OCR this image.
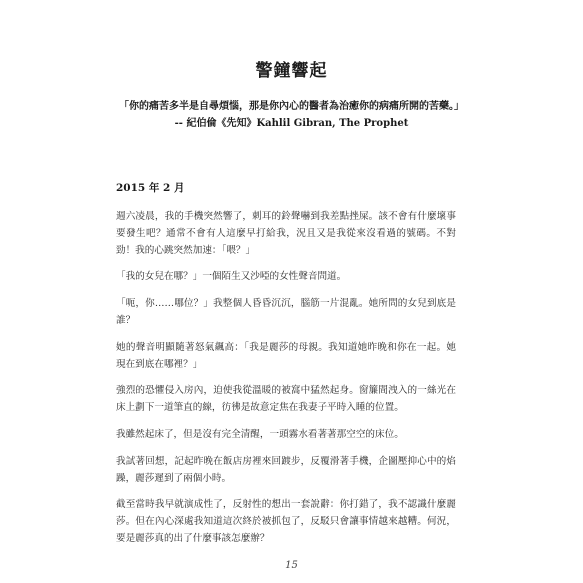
警鐘響起
「你的痛苦多半是自尋煩惱，那是你內心的醫者為治癒你的病痛所開的苦藥。」
-- 紀伯倫《先知》Kahlil Gibran, The Prophet
2015 年 2 月

週六凌晨，我的手機突然響了，刺耳的鈴聲嚇到我差點挫屎。該不會有什麼壞事要發生吧？通常不會有人這麼早打給我，況且又是我從來沒看過的號碼。不對勁！我的心跳突然加速：「喂？」

「我的女兒在哪？」一個陌生又沙啞的女性聲音問道。

「呃，你……哪位？」我整個人昏昏沉沉，腦筋一片混亂。她所問的女兒到底是誰？

她的聲音明顯隨著怒氣飆高：「我是麗莎的母親。我知道她昨晚和你在一起。她現在到底在哪裡？」

強烈的恐懼侵入房內，迫使我從溫暖的被窩中猛然起身。窗簾間洩入的一絲光在床上劃下一道筆直的線，彷彿是故意定焦在我妻子平時入睡的位置。

我雖然起床了，但是沒有完全清醒，一頭霧水看著著那空空的床位。

我試著回想，記起昨晚在飯店房裡來回踱步，反覆滑著手機，企圖壓抑心中的焰躁，麗莎遲到了兩個小時。

截至當時我早就演成性了，反射性的想出一套說辭：你打錯了，我不認識什麼麗莎。但在內心深處我知道這次終於被抓包了，反駁只會讓事情越來越糟。何況，要是麗莎真的出了什麼事該怎麼辦？

15
